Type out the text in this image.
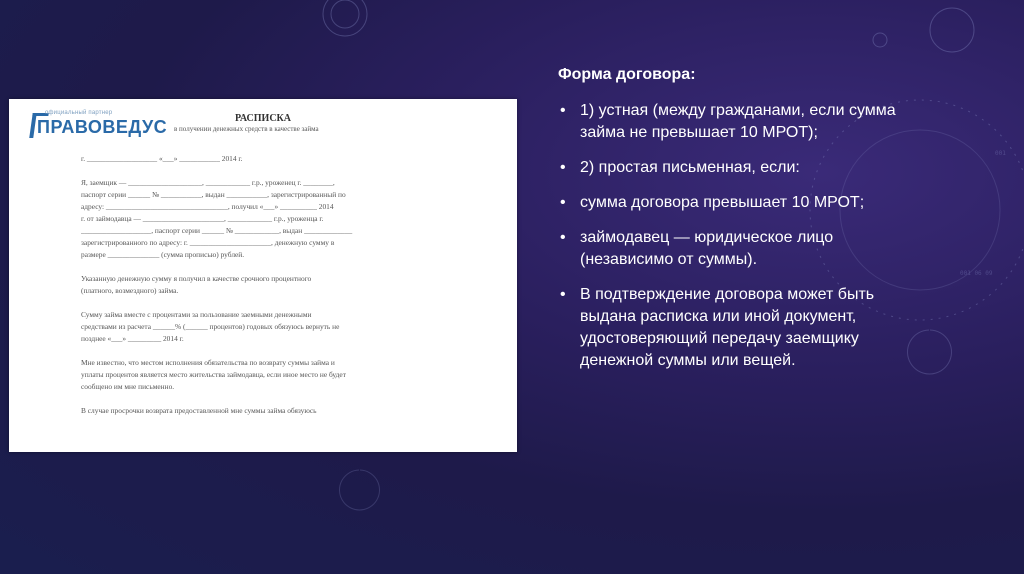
001
001 06 09
официальный партнер
ПРАВОВЕДУС	РАСПИСКА
в получении денежных средств в качестве займа
г. ___________________ «___» ___________ 2014 г.

Я, заемщик — ____________________, ____________ г.р., уроженец г. ________,
паспорт серии ______ № ___________, выдан ___________, зарегистрированный по
адресу: _________________________________, получил «___» __________ 2014
г. от займодавца — ______________________, ____________ г.р., уроженца г.
___________________, паспорт серии ______ № ____________, выдан _____________
зарегистрированного по адресу: г. ______________________, денежную сумму в
размере ______________ (сумма прописью) рублей.

Указанную денежную сумму я получил в качестве срочного процентного
(платного, возмездного) займа.

Сумму займа вместе с процентами за пользование заемными денежными
средствами из расчета ______% (______ процентов) годовых обязуюсь вернуть не
позднее «___» _________ 2014 г.

Мне известно, что местом исполнения обязательства по возврату суммы займа и
уплаты процентов является место жительства займодавца, если иное место не будет
сообщено им мне письменно.

В случае просрочки возврата предоставленной мне суммы займа обязуюсь
Форма договора:
• 1) устная (между гражданами, если сумма займа не превышает 10 МРОТ);
• 2) простая письменная, если:
• сумма договора превышает 10 МРОТ;
• займодавец — юридическое лицо (независимо от суммы).
• В подтверждение договора может быть выдана расписка или иной документ, удостоверяющий передачу заемщику денежной суммы или вещей.
